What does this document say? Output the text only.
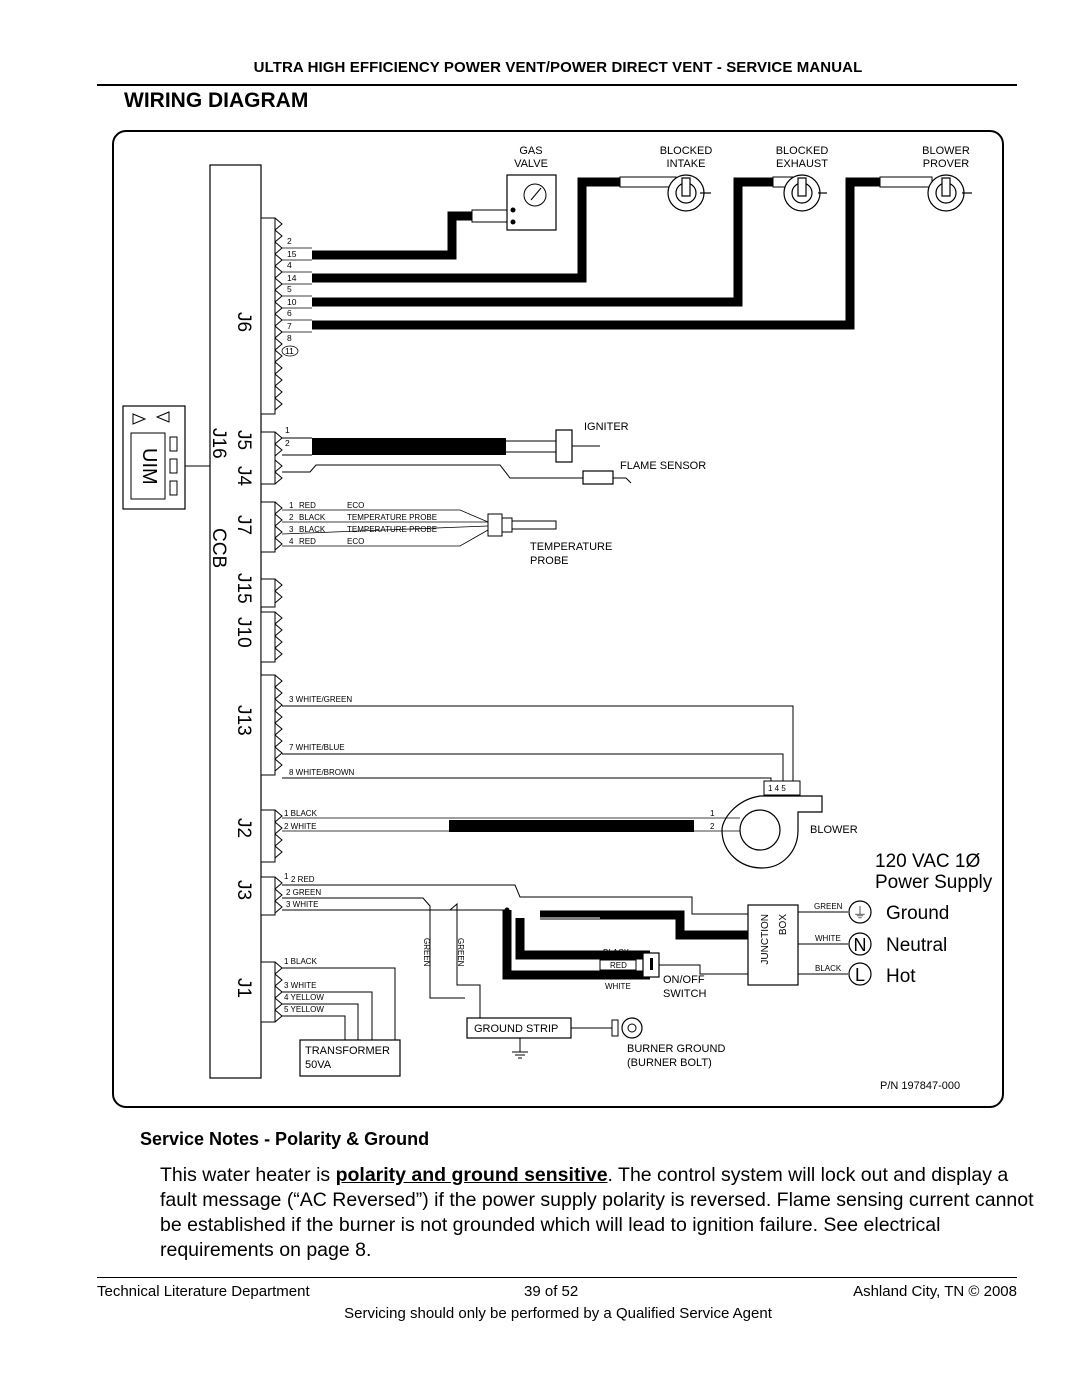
ULTRA HIGH EFFICIENCY POWER VENT/POWER DIRECT VENT - SERVICE MANUAL
WIRING DIAGRAM
J6
J5
J4
J16
J7
CCB
J15
J10
J13
J2
J3
J1
UIM
2
15
4
14
5
10
6
7
8
11
GAS
VALVE
BLOCKED
INTAKE
BLOCKED
EXHAUST
BLOWER
PROVER
1
2
IGNITER
FLAME SENSOR
1 RED	ECO
2 BLACK	TEMPERATURE PROBE
3 BLACK	TEMPERATURE PROBE
4 RED	ECO	TEMPERATURE
PROBE
3 WHITE/GREEN
7 WHITE/BLUE
8 WHITE/BROWN
1 4 5
BLOWER
1 BLACK
2 WHITE
1
2
1 2 RED
2 GREEN
3 WHITE
GREEN	GREEN	BLACK
RED
WHITE
ON/OFF
SWITCH
JUNCTION BOX
GREEN
WHITE
BLACK
120 VAC 1Ø
Power Supply
⏚
N
L
Ground
Neutral
Hot
GROUND STRIP
BURNER GROUND
(BURNER BOLT)
1 BLACK
3 WHITE
4 YELLOW
5 YELLOW
TRANSFORMER
50VA
P/N 197847-000
Service Notes - Polarity & Ground
This water heater is polarity and ground sensitive. The control system will lock out and display a fault message (“AC Reversed”) if the power supply polarity is reversed. Flame sensing current cannot be established if the burner is not grounded which will lead to ignition failure. See electrical requirements on page 8.
Technical Literature Department	39 of 52	Ashland City, TN © 2008
Servicing should only be performed by a Qualified Service Agent
